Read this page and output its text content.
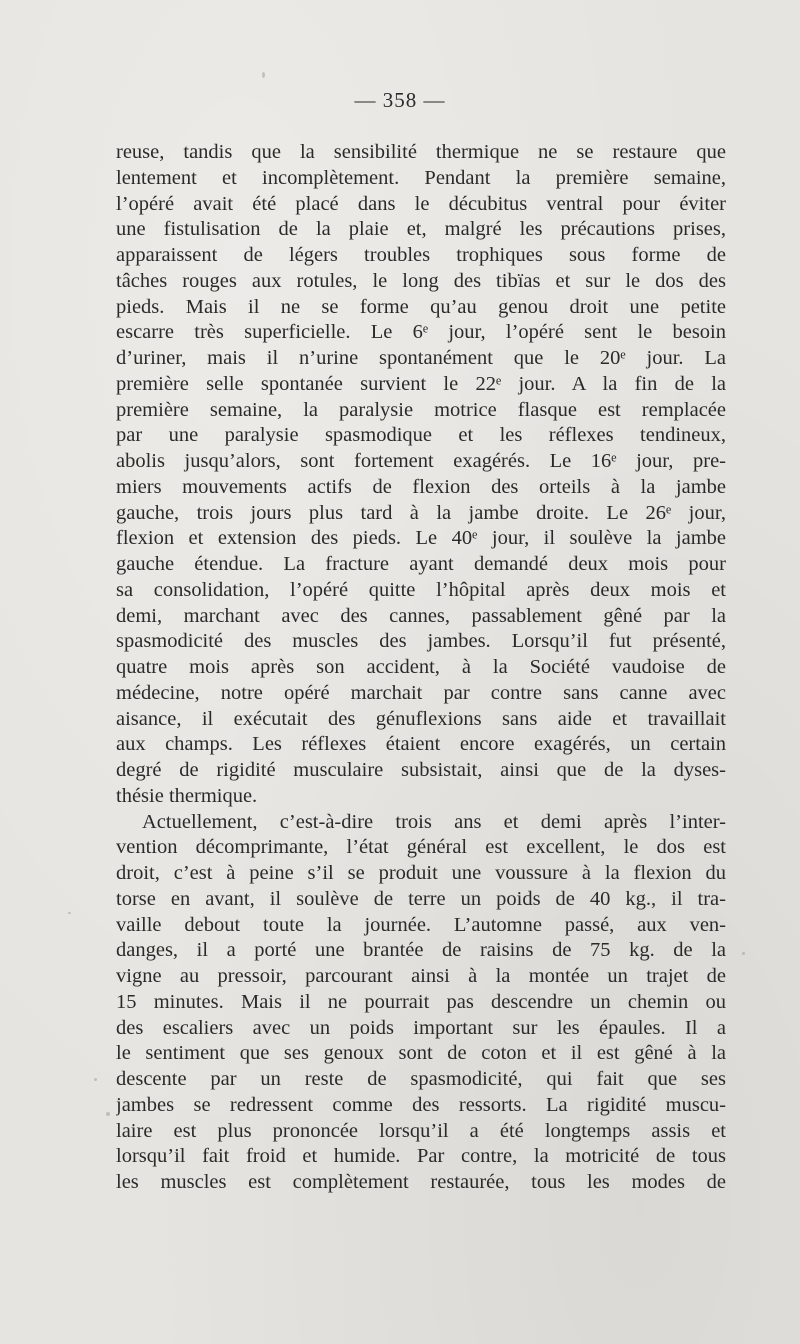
— 358 —
reuse, tandis que la sensibilité thermique ne se restaure que
lentement et incomplètement. Pendant la première semaine,
l’opéré avait été placé dans le décubitus ventral pour éviter
une fistulisation de la plaie et, malgré les précautions prises,
apparaissent de légers troubles trophiques sous forme de
tâches rouges aux rotules, le long des tibïas et sur le dos des
pieds. Mais il ne se forme qu’au genou droit une petite
escarre très superficielle. Le 6ᵉ jour, l’opéré sent le besoin
d’uriner, mais il n’urine spontanément que le 20ᵉ jour. La
première selle spontanée survient le 22ᵉ jour. A la fin de la
première semaine, la paralysie motrice flasque est remplacée
par une paralysie spasmodique et les réflexes tendineux,
abolis jusqu’alors, sont fortement exagérés. Le 16ᵉ jour, pre-
miers mouvements actifs de flexion des orteils à la jambe
gauche, trois jours plus tard à la jambe droite. Le 26ᵉ jour,
flexion et extension des pieds. Le 40ᵉ jour, il soulève la jambe
gauche étendue. La fracture ayant demandé deux mois pour
sa consolidation, l’opéré quitte l’hôpital après deux mois et
demi, marchant avec des cannes, passablement gêné par la
spasmodicité des muscles des jambes. Lorsqu’il fut présenté,
quatre mois après son accident, à la Société vaudoise de
médecine, notre opéré marchait par contre sans canne avec
aisance, il exécutait des génuflexions sans aide et travaillait
aux champs. Les réflexes étaient encore exagérés, un certain
degré de rigidité musculaire subsistait, ainsi que de la dyses-
thésie thermique.
Actuellement, c’est-à-dire trois ans et demi après l’inter-
vention décomprimante, l’état général est excellent, le dos est
droit, c’est à peine s’il se produit une voussure à la flexion du
torse en avant, il soulève de terre un poids de 40 kg., il tra-
vaille debout toute la journée. L’automne passé, aux ven-
danges, il a porté une brantée de raisins de 75 kg. de la
vigne au pressoir, parcourant ainsi à la montée un trajet de
15 minutes. Mais il ne pourrait pas descendre un chemin ou
des escaliers avec un poids important sur les épaules. Il a
le sentiment que ses genoux sont de coton et il est gêné à la
descente par un reste de spasmodicité, qui fait que ses
jambes se redressent comme des ressorts. La rigidité muscu-
laire est plus prononcée lorsqu’il a été longtemps assis et
lorsqu’il fait froid et humide. Par contre, la motricité de tous
les muscles est complètement restaurée, tous les modes de
